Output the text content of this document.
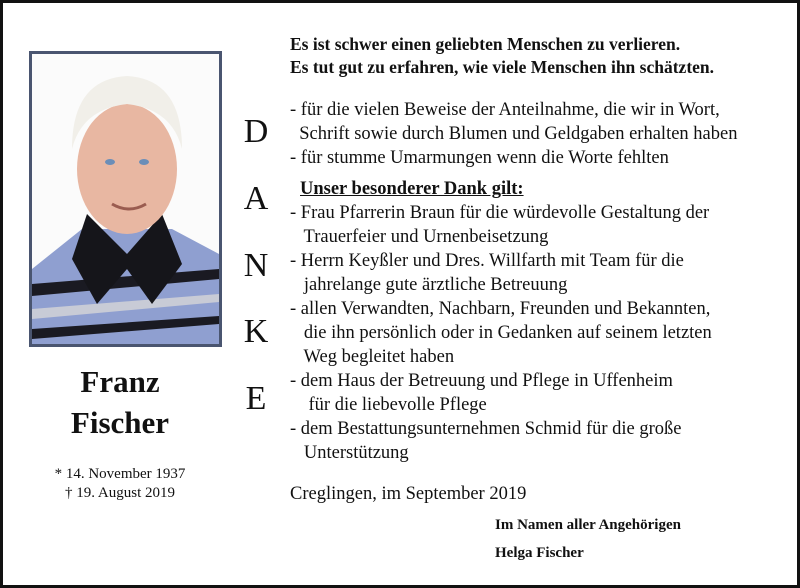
Franz
Fischer
* 14. November 1937
† 19. August 2019
D
A
N
K
E
Es ist schwer einen geliebten Menschen zu verlieren.
Es tut gut zu erfahren, wie viele Menschen ihn schätzten.
- für die vielen Beweise der Anteilnahme, die wir in Wort,
Schrift sowie durch Blumen und Geldgaben erhalten haben
- für stumme Umarmungen wenn die Worte fehlten
Unser besonderer Dank gilt:
- Frau Pfarrerin Braun für die würdevolle Gestaltung der
Trauerfeier und Urnenbeisetzung
- Herrn Keyßler und Dres. Willfarth mit Team für die
jahrelange gute ärztliche Betreuung
- allen Verwandten, Nachbarn, Freunden und Bekannten,
die ihn persönlich oder in Gedanken auf seinem letzten
Weg begleitet haben
- dem Haus der Betreuung und Pflege in Uffenheim
für die liebevolle Pflege
- dem Bestattungsunternehmen Schmid für die große
Unterstützung
Creglingen, im September 2019
Im Namen aller Angehörigen
Helga Fischer
